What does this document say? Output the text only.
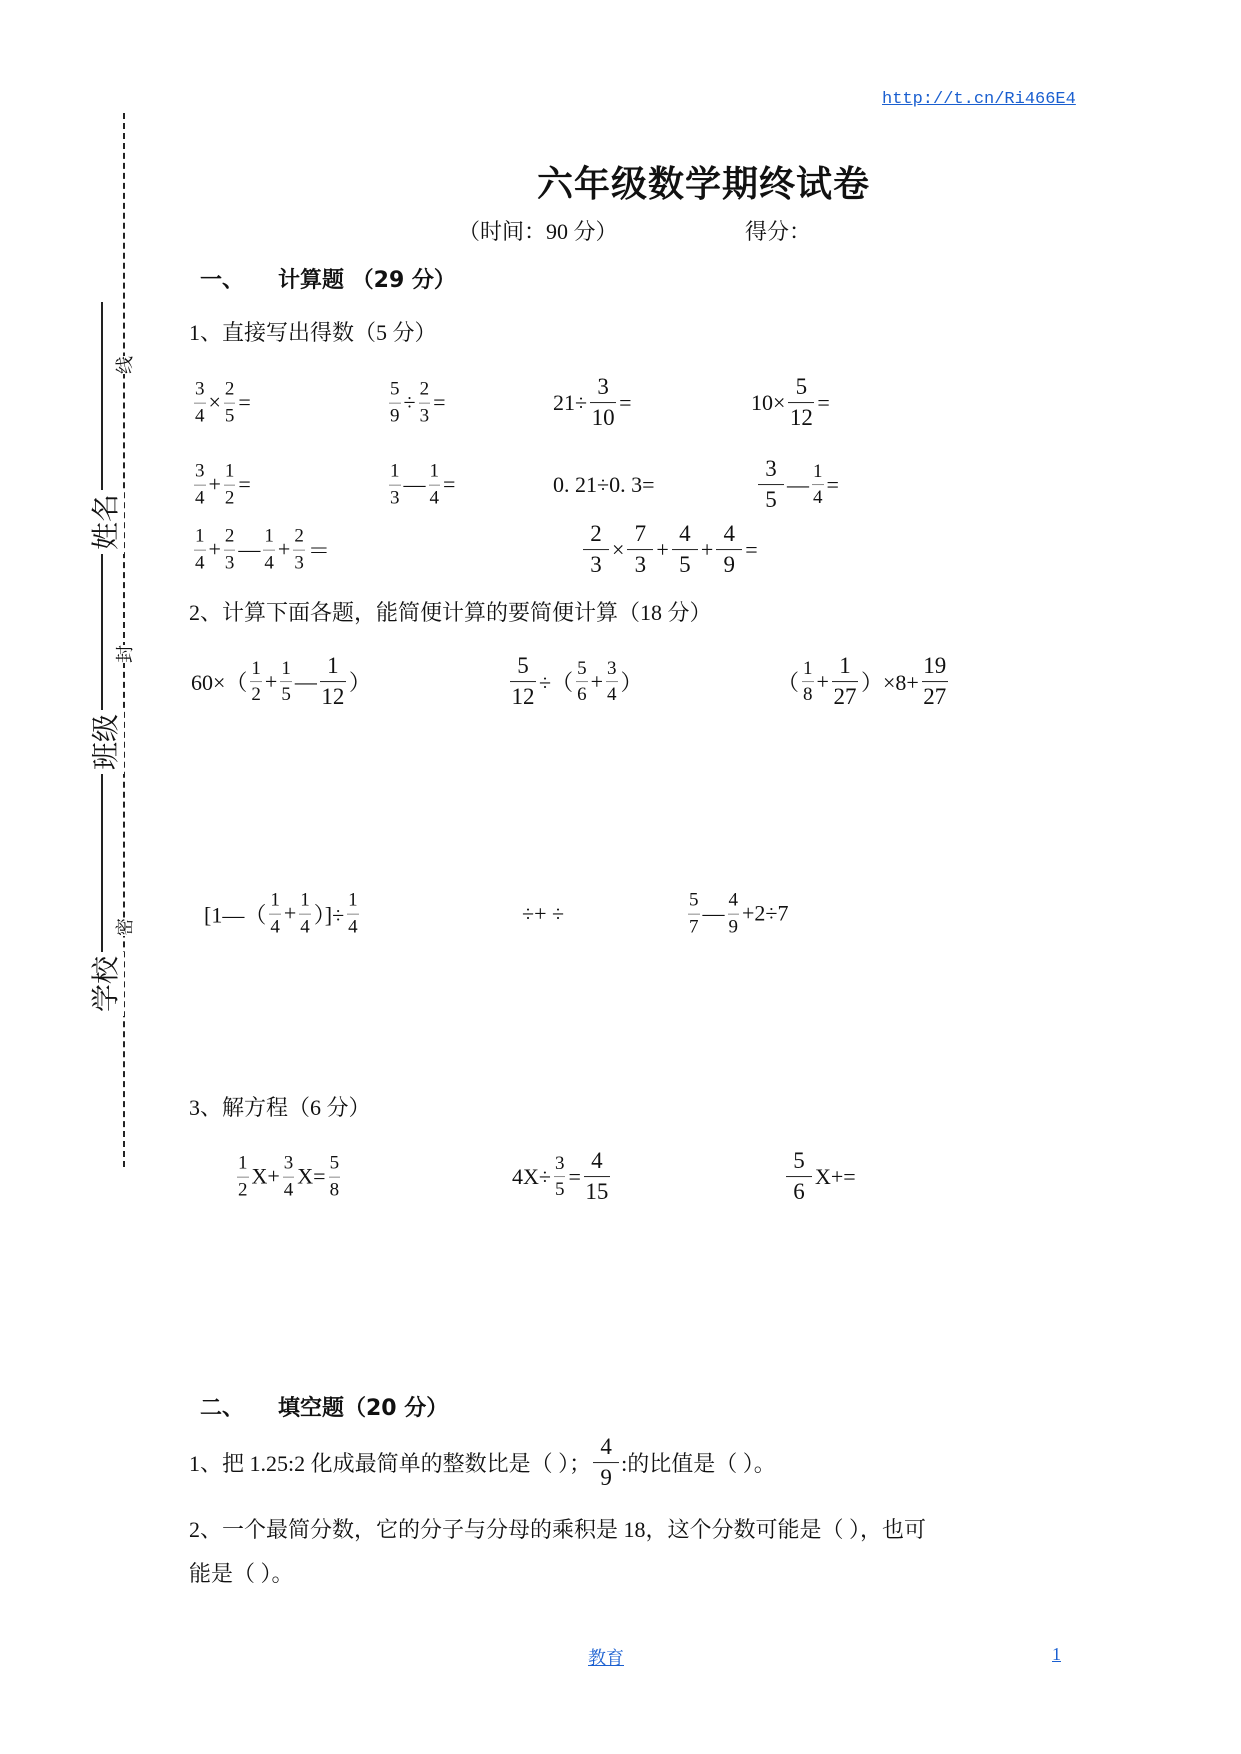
http://t.cn/Ri466E4
姓名
班级
学校
线
封
密
六年级数学期终试卷
（时间：90 分）	得分：
一、 计算题 （29 分）
1、直接写出得数（5 分）
2、计算下面各题，能简便计算的要简便计算（18 分）
3、解方程（6 分）
$\frac{3}{4} \times \frac{2}{5}$ =	$\frac{5}{9} \div \frac{2}{3}$ =	$21\div \frac{3}{10}$ =	$10\times \frac{5}{12}$ =
$\frac{3}{4} + \frac{1}{2}$ =	$\frac{1}{3}$ — $\frac{1}{4}$ =	0. 21÷0. 3=	$\frac{3}{5}$ — $\frac{1}{4}$ =
$\frac{1}{4} + \frac{2}{3}$ — $\frac{1}{4} + \frac{2}{3}$ ＝	$\frac{2}{3} \times \frac{7}{3} + \frac{4}{5} + \frac{4}{9}$ =
$60\times( \frac{1}{2} + \frac{1}{5}$ — $\frac{1}{12}$ ）	$\frac{5}{12}$ ÷（ $\frac{5}{6} + \frac{3}{4}$ ）	（ $\frac{1}{8} + \frac{1}{27} )\times 8+ \frac{19}{27}$
[1—（ $\frac{1}{4} + \frac{1}{4}$ ）]÷ $\frac{1}{4}$	÷+ ÷	$\frac{5}{7}$ — $\frac{4}{9} +2\div 7$
$\frac{1}{2} X+ \frac{3}{4} X= \frac{5}{8}$	$4X\div \frac{3}{5} = \frac{4}{15}$	$\frac{5}{6} X+=$
二、 填空题（20 分）
1、把 1.25:2 化成最简单的整数比是（ ）； $\frac{4}{9}$ :的比值是（ ）。
2、一个最简分数，它的分子与分母的乘积是 18，这个分数可能是（ ），也可
能是（ ）。
教育	1
